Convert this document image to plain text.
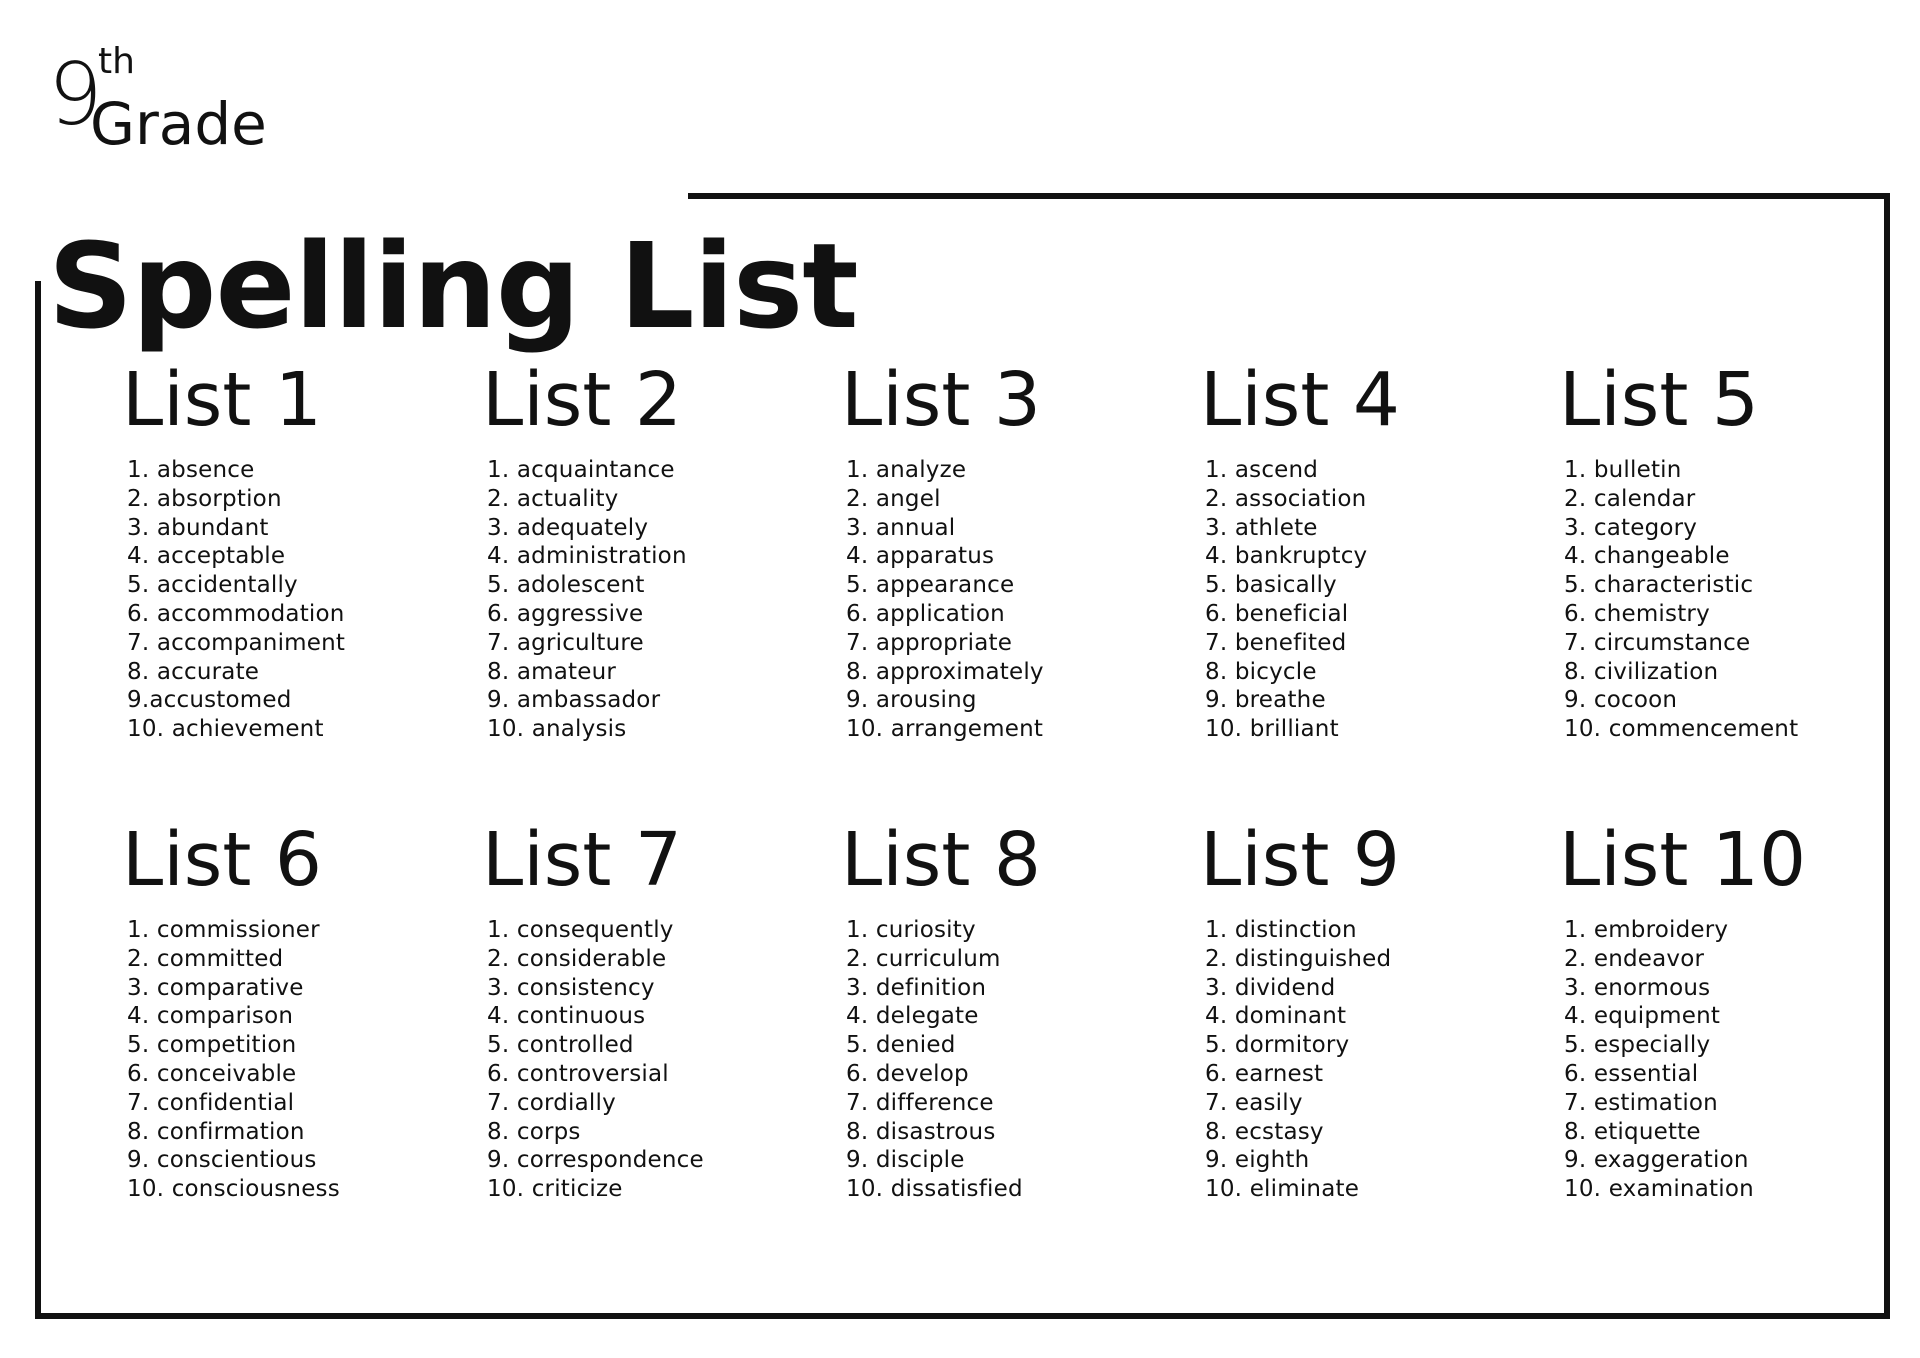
9
th
Grade
Spelling List
List 1
1. absence
2. absorption
3. abundant
4. acceptable
5. accidentally
6. accommodation
7. accompaniment
8. accurate
9.accustomed
10. achievement
List 2
1. acquaintance
2. actuality
3. adequately
4. administration
5. adolescent
6. aggressive
7. agriculture
8. amateur
9. ambassador
10. analysis
List 3
1. analyze
2. angel
3. annual
4. apparatus
5. appearance
6. application
7. appropriate
8. approximately
9. arousing
10. arrangement
List 4
1. ascend
2. association
3. athlete
4. bankruptcy
5. basically
6. beneficial
7. benefited
8. bicycle
9. breathe
10. brilliant
List 5
1. bulletin
2. calendar
3. category
4. changeable
5. characteristic
6. chemistry
7. circumstance
8. civilization
9. cocoon
10. commencement
List 6
1. commissioner
2. committed
3. comparative
4. comparison
5. competition
6. conceivable
7. confidential
8. confirmation
9. conscientious
10. consciousness
List 7
1. consequently
2. considerable
3. consistency
4. continuous
5. controlled
6. controversial
7. cordially
8. corps
9. correspondence
10. criticize
List 8
1. curiosity
2. curriculum
3. definition
4. delegate
5. denied
6. develop
7. difference
8. disastrous
9. disciple
10. dissatisfied
List 9
1. distinction
2. distinguished
3. dividend
4. dominant
5. dormitory
6. earnest
7. easily
8. ecstasy
9. eighth
10. eliminate
List 10
1. embroidery
2. endeavor
3. enormous
4. equipment
5. especially
6. essential
7. estimation
8. etiquette
9. exaggeration
10. examination
